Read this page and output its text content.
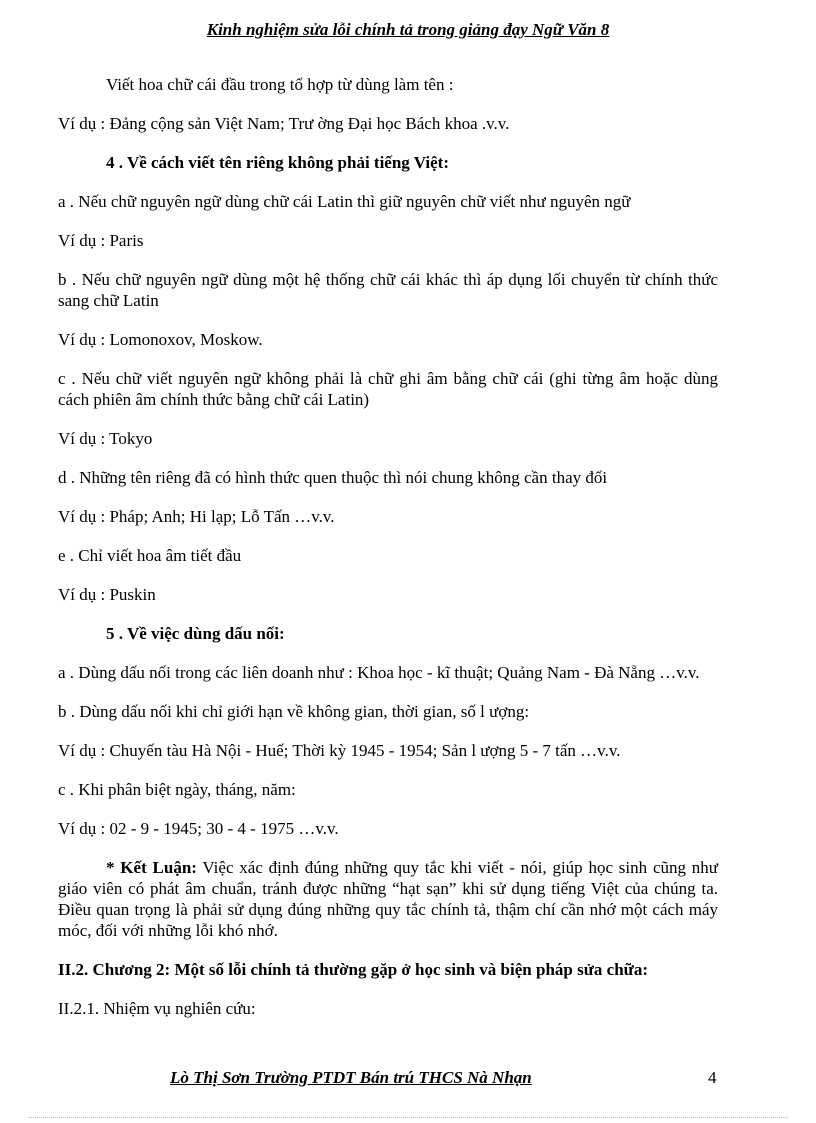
Kinh nghiệm sửa lỗi chính tả trong giảng đạy Ngữ Văn 8

Viết hoa chữ cái đầu trong tổ hợp từ dùng làm tên :

Ví dụ : Đảng cộng sản Việt Nam; Trư ờng Đại học Bách khoa .v.v.

4 . Về cách viết tên riêng không phải tiếng Việt:

a . Nếu chữ nguyên ngữ dùng chữ cái Latin thì giữ nguyên chữ viết như nguyên ngữ

Ví dụ : Paris

b . Nếu chữ nguyên ngữ dùng một hệ thống chữ cái khác thì áp dụng lối chuyển từ chính thức sang chữ Latin

Ví dụ : Lomonoxov, Moskow.

c . Nếu chữ viết nguyên ngữ không phải là chữ ghi âm bằng chữ cái (ghi từng âm hoặc dùng cách phiên âm chính thức bằng chữ cái Latin)

Ví dụ : Tokyo

d . Những tên riêng đã có hình thức quen thuộc thì nói chung không cần thay đổi

Ví dụ : Pháp; Anh; Hi lạp; Lỗ Tấn …v.v.

e . Chỉ viết hoa âm tiết đầu

Ví dụ : Puskin

5 . Về việc dùng dấu nối:

a . Dùng dấu nối trong các liên doanh như : Khoa học - kĩ thuật; Quảng Nam - Đà Nẵng …v.v.

b . Dùng dấu nối khi chỉ giới hạn về không gian, thời gian, số l ượng:

Ví dụ : Chuyến tàu Hà Nội - Huế; Thời kỳ 1945 - 1954; Sản l ượng 5 - 7 tấn …v.v.

c . Khi phân biệt ngày, tháng, năm:

Ví dụ : 02 - 9 - 1945; 30 - 4 - 1975 …v.v.

* Kết Luận: Việc xác định đúng những quy tắc khi viết - nói, giúp học sinh cũng như giáo viên có phát âm chuẩn, tránh được những “hạt sạn” khi sử dụng tiếng Việt của chúng ta. Điều quan trọng là phải sử dụng đúng những quy tắc chính tả, thậm chí cần nhớ một cách máy móc, đối với những lỗi khó nhớ.

II.2. Chương 2: Một số lỗi chính tả thường gặp ở học sinh và biện pháp sửa chữa:

II.2.1. Nhiệm vụ nghiên cứu:

Lò Thị Sơn Trường PTDT Bán trú THCS Nà Nhạn	4
